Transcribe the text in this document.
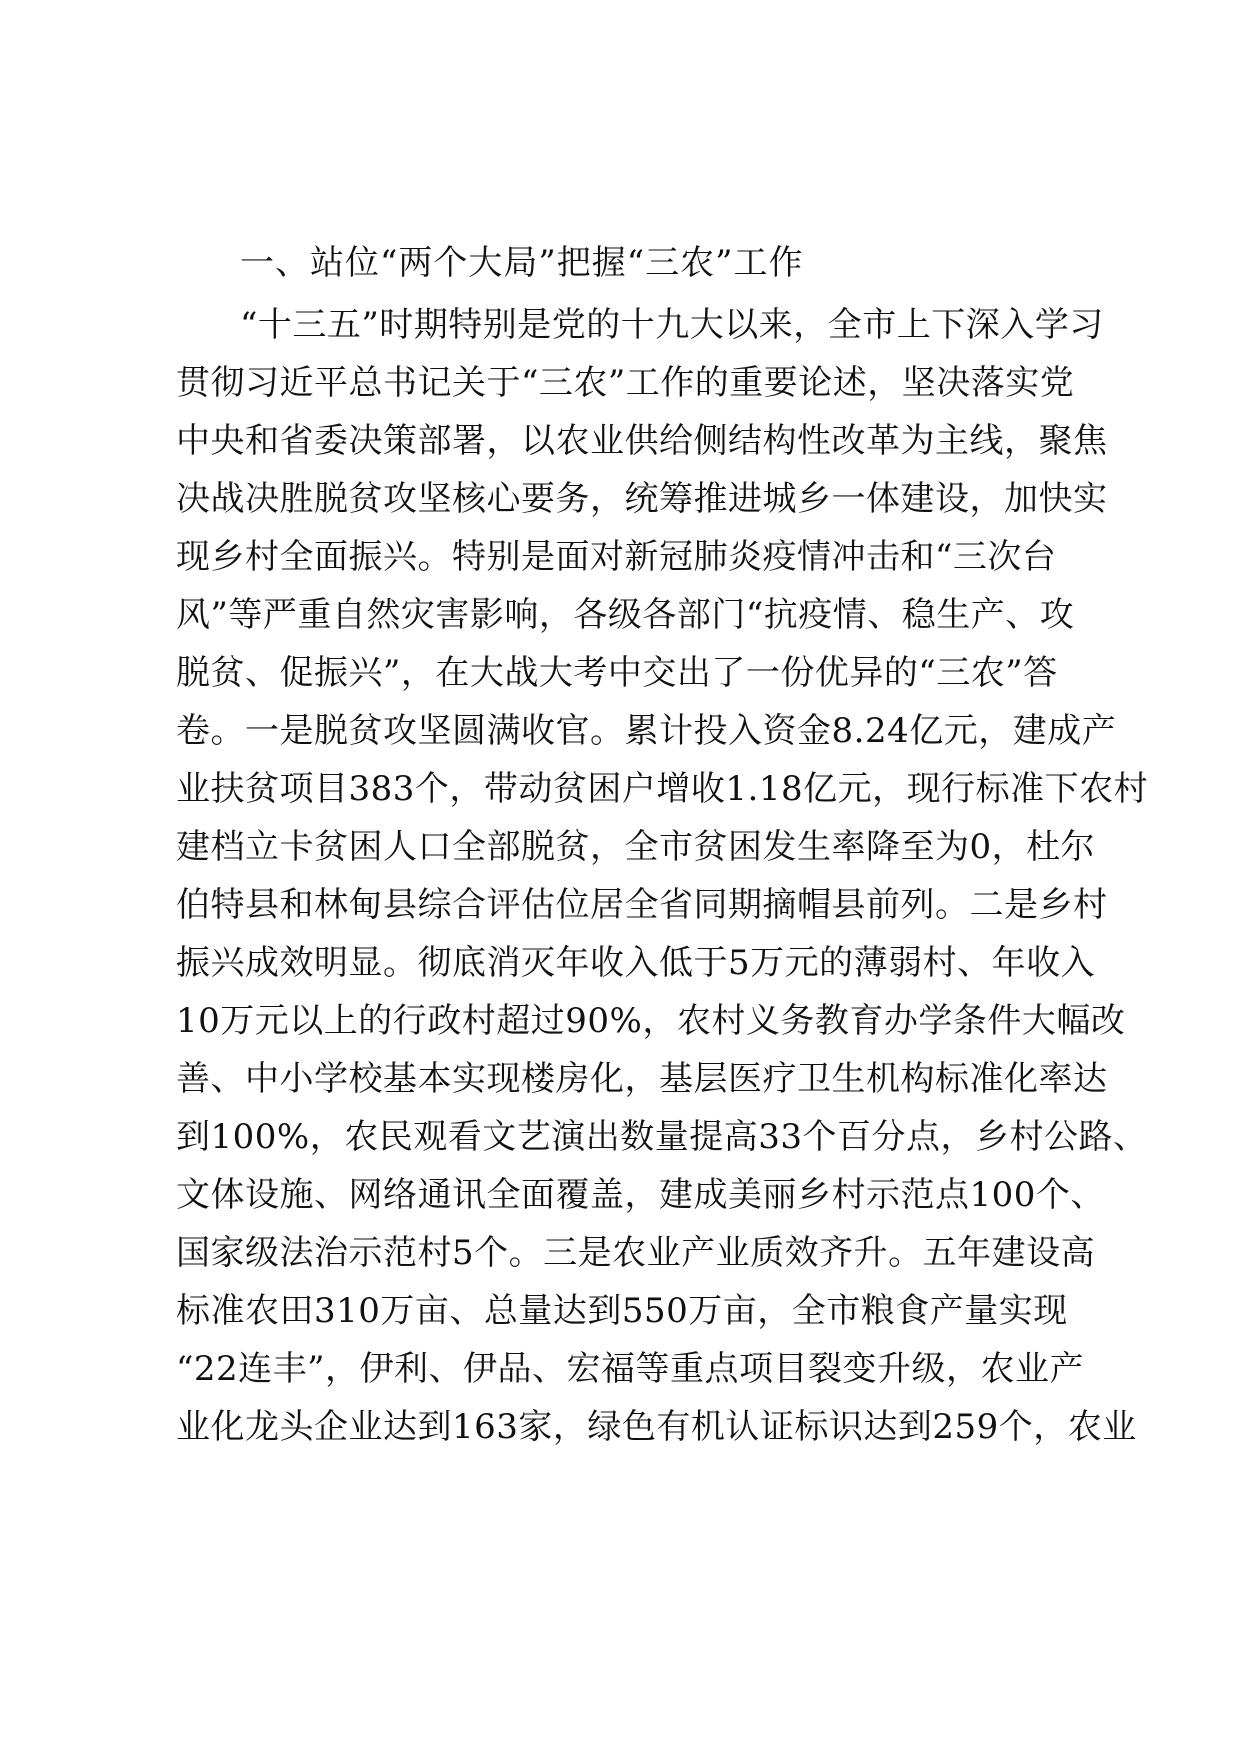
一、站位“两个大局”把握“三农”工作
“十三五”时期特别是党的十九大以来，全市上下深入学习
贯彻习近平总书记关于“三农”工作的重要论述，坚决落实党
中央和省委决策部署，以农业供给侧结构性改革为主线，聚焦
决战决胜脱贫攻坚核心要务，统筹推进城乡一体建设，加快实
现乡村全面振兴。特别是面对新冠肺炎疫情冲击和“三次台
风”等严重自然灾害影响，各级各部门“抗疫情、稳生产、攻
脱贫、促振兴”，在大战大考中交出了一份优异的“三农”答
卷。一是脱贫攻坚圆满收官。累计投入资金8.24亿元，建成产
业扶贫项目383个，带动贫困户增收1.18亿元，现行标准下农村
建档立卡贫困人口全部脱贫，全市贫困发生率降至为0，杜尔
伯特县和林甸县综合评估位居全省同期摘帽县前列。二是乡村
振兴成效明显。彻底消灭年收入低于5万元的薄弱村、年收入
10万元以上的行政村超过90%，农村义务教育办学条件大幅改
善、中小学校基本实现楼房化，基层医疗卫生机构标准化率达
到100%，农民观看文艺演出数量提高33个百分点，乡村公路、
文体设施、网络通讯全面覆盖，建成美丽乡村示范点100个、
国家级法治示范村5个。三是农业产业质效齐升。五年建设高
标准农田310万亩、总量达到550万亩，全市粮食产量实现
“22连丰”，伊利、伊品、宏福等重点项目裂变升级，农业产
业化龙头企业达到163家，绿色有机认证标识达到259个，农业
